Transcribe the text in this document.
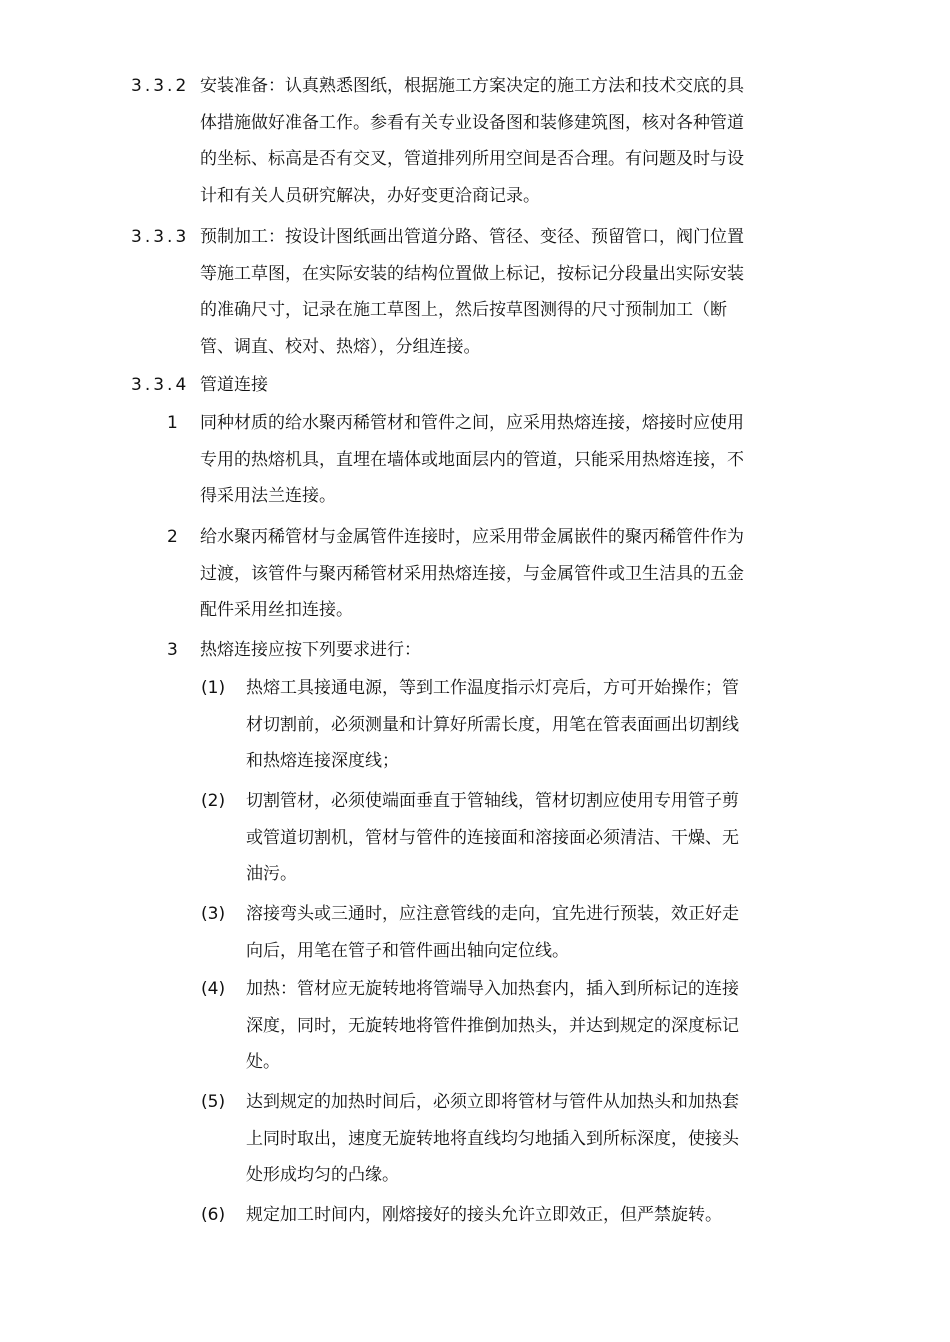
3.3.2 安装准备：认真熟悉图纸，根据施工方案决定的施工方法和技术交底的具
体措施做好准备工作。参看有关专业设备图和装修建筑图，核对各种管道
的坐标、标高是否有交叉，管道排列所用空间是否合理。有问题及时与设
计和有关人员研究解决，办好变更洽商记录。
3.3.3 预制加工：按设计图纸画出管道分路、管径、变径、预留管口，阀门位置
等施工草图，在实际安装的结构位置做上标记，按标记分段量出实际安装
的准确尺寸，记录在施工草图上，然后按草图测得的尺寸预制加工（断
管、调直、校对、热熔），分组连接。
3.3.4 管道连接
1 同种材质的给水聚丙稀管材和管件之间，应采用热熔连接，熔接时应使用
专用的热熔机具，直埋在墙体或地面层内的管道，只能采用热熔连接，不
得采用法兰连接。
2 给水聚丙稀管材与金属管件连接时，应采用带金属嵌件的聚丙稀管件作为
过渡，该管件与聚丙稀管材采用热熔连接，与金属管件或卫生洁具的五金
配件采用丝扣连接。
3 热熔连接应按下列要求进行：
(1) 热熔工具接通电源，等到工作温度指示灯亮后，方可开始操作；管
材切割前，必须测量和计算好所需长度，用笔在管表面画出切割线
和热熔连接深度线；
(2) 切割管材，必须使端面垂直于管轴线，管材切割应使用专用管子剪
或管道切割机，管材与管件的连接面和溶接面必须清洁、干燥、无
油污。
(3) 溶接弯头或三通时，应注意管线的走向，宜先进行预装，效正好走
向后，用笔在管子和管件画出轴向定位线。
(4) 加热：管材应无旋转地将管端导入加热套内，插入到所标记的连接
深度，同时，无旋转地将管件推倒加热头，并达到规定的深度标记
处。
(5) 达到规定的加热时间后，必须立即将管材与管件从加热头和加热套
上同时取出，速度无旋转地将直线均匀地插入到所标深度，使接头
处形成均匀的凸缘。
(6) 规定加工时间内，刚熔接好的接头允许立即效正，但严禁旋转。
